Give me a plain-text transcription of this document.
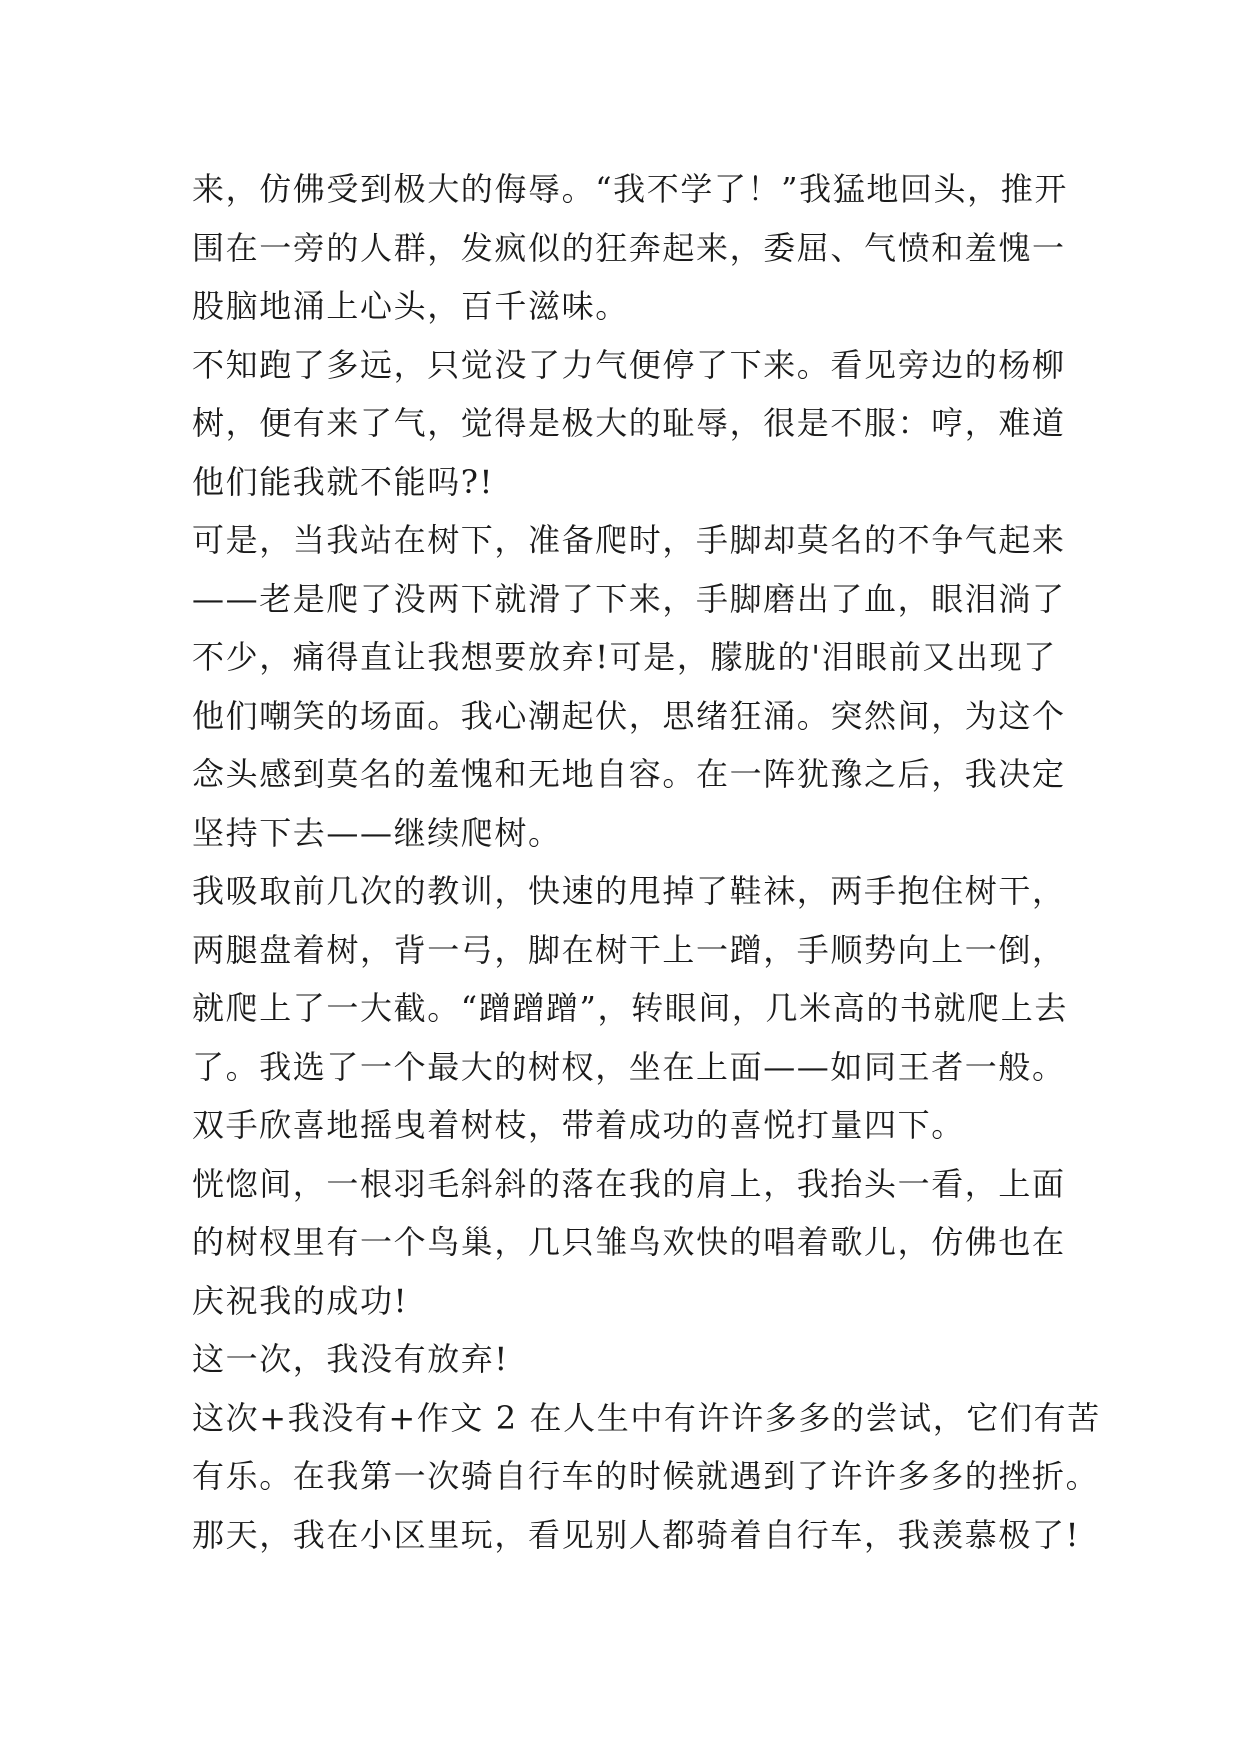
来，仿佛受到极大的侮辱。“我不学了！”我猛地回头，推开
围在一旁的人群，发疯似的狂奔起来，委屈、气愤和羞愧一
股脑地涌上心头，百千滋味。
不知跑了多远，只觉没了力气便停了下来。看见旁边的杨柳
树，便有来了气，觉得是极大的耻辱，很是不服：哼，难道
他们能我就不能吗?!
可是，当我站在树下，准备爬时，手脚却莫名的不争气起来
——老是爬了没两下就滑了下来，手脚磨出了血，眼泪淌了
不少，痛得直让我想要放弃!可是，朦胧的'泪眼前又出现了
他们嘲笑的场面。我心潮起伏，思绪狂涌。突然间，为这个
念头感到莫名的羞愧和无地自容。在一阵犹豫之后，我决定
坚持下去——继续爬树。
我吸取前几次的教训，快速的甩掉了鞋袜，两手抱住树干，
两腿盘着树，背一弓，脚在树干上一蹭，手顺势向上一倒，
就爬上了一大截。“蹭蹭蹭”，转眼间，几米高的书就爬上去
了。我选了一个最大的树杈，坐在上面——如同王者一般。
双手欣喜地摇曳着树枝，带着成功的喜悦打量四下。
恍惚间，一根羽毛斜斜的落在我的肩上，我抬头一看，上面
的树杈里有一个鸟巢，几只雏鸟欢快的唱着歌儿，仿佛也在
庆祝我的成功!
这一次，我没有放弃!
这次+我没有+作文 2 在人生中有许许多多的尝试，它们有苦
有乐。在我第一次骑自行车的时候就遇到了许许多多的挫折。
那天，我在小区里玩，看见别人都骑着自行车，我羡慕极了!
